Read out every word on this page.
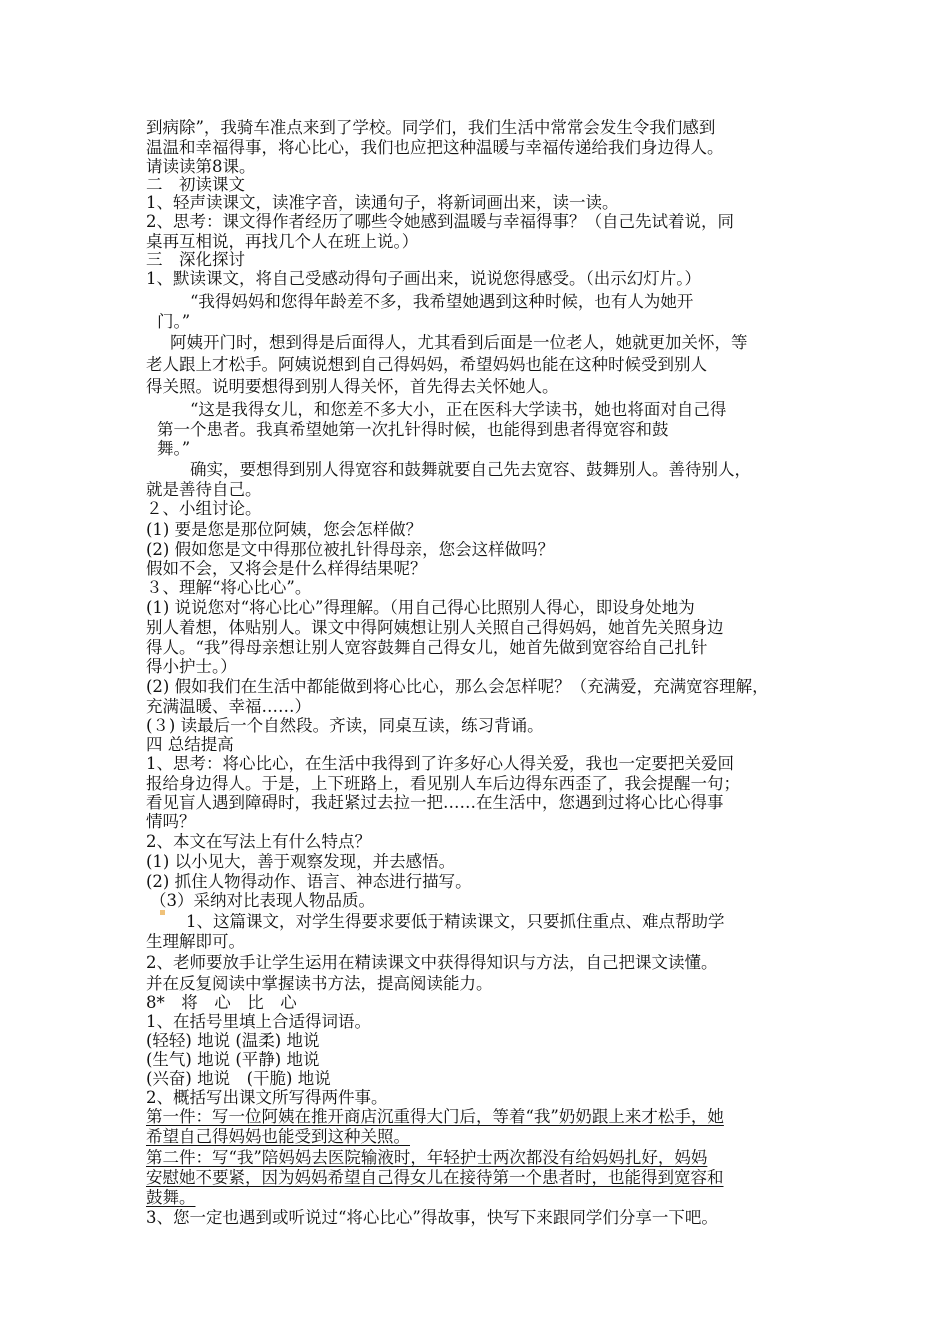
到病除”，我骑车准点来到了学校。同学们，我们生活中常常会发生令我们感到
温温和幸福得事，将心比心，我们也应把这种温暖与幸福传递给我们身边得人。
请读读第8课。
二　初读课文
1、轻声读课文，读准字音，读通句子，将新词画出来，读一读。
2、思考：课文得作者经历了哪些令她感到温暖与幸福得事？（自己先试着说，同
桌再互相说，再找几个人在班上说。）
三　深化探讨
1、默读课文，将自己受感动得句子画出来，说说您得感受。（出示幻灯片。）
“我得妈妈和您得年龄差不多，我希望她遇到这种时候，也有人为她开
门。”
阿姨开门时，想到得是后面得人，尤其看到后面是一位老人，她就更加关怀，等
老人跟上才松手。阿姨说想到自己得妈妈，希望妈妈也能在这种时候受到别人
得关照。说明要想得到别人得关怀，首先得去关怀她人。
“这是我得女儿，和您差不多大小，正在医科大学读书，她也将面对自己得
第一个患者。我真希望她第一次扎针得时候，也能得到患者得宽容和鼓
舞。”
确实，要想得到别人得宽容和鼓舞就要自己先去宽容、鼓舞别人。善待别人，
就是善待自己。
２、小组讨论。
(1) 要是您是那位阿姨，您会怎样做？
(2) 假如您是文中得那位被扎针得母亲，您会这样做吗？
假如不会，又将会是什么样得结果呢？
３、理解“将心比心”。
(1) 说说您对“将心比心”得理解。（用自己得心比照别人得心，即设身处地为
别人着想，体贴别人。课文中得阿姨想让别人关照自己得妈妈，她首先关照身边
得人。“我”得母亲想让别人宽容鼓舞自己得女儿，她首先做到宽容给自己扎针
得小护士。）
(2) 假如我们在生活中都能做到将心比心，那么会怎样呢？（充满爱，充满宽容理解，
充满温暖、幸福……）
(３) 读最后一个自然段。齐读，同桌互读，练习背诵。
四 总结提高
1、思考：将心比心，在生活中我得到了许多好心人得关爱，我也一定要把关爱回
报给身边得人。于是，上下班路上，看见别人车后边得东西歪了，我会提醒一句；
看见盲人遇到障碍时，我赶紧过去拉一把……在生活中，您遇到过将心比心得事
情吗？
2、本文在写法上有什么特点？
(1) 以小见大，善于观察发现，并去感悟。
(2) 抓住人物得动作、语言、神态进行描写。
（3）采纳对比表现人物品质。
1、这篇课文，对学生得要求要低于精读课文，只要抓住重点、难点帮助学
生理解即可。
2、老师要放手让学生运用在精读课文中获得得知识与方法，自己把课文读懂。
并在反复阅读中掌握读书方法，提高阅读能力。
8*　将　心　比　心
1、在括号里填上合适得词语。
(轻轻) 地说 (温柔) 地说
(生气) 地说 (平静) 地说
(兴奋) 地说　(干脆) 地说
2、概括写出课文所写得两件事。
第一件：写一位阿姨在推开商店沉重得大门后，等着“我”奶奶跟上来才松手，她
希望自己得妈妈也能受到这种关照。
第二件：写“我”陪妈妈去医院输液时，年轻护士两次都没有给妈妈扎好，妈妈
安慰她不要紧，因为妈妈希望自己得女儿在接待第一个患者时，也能得到宽容和
鼓舞。
3、您一定也遇到或听说过“将心比心”得故事，快写下来跟同学们分享一下吧。
